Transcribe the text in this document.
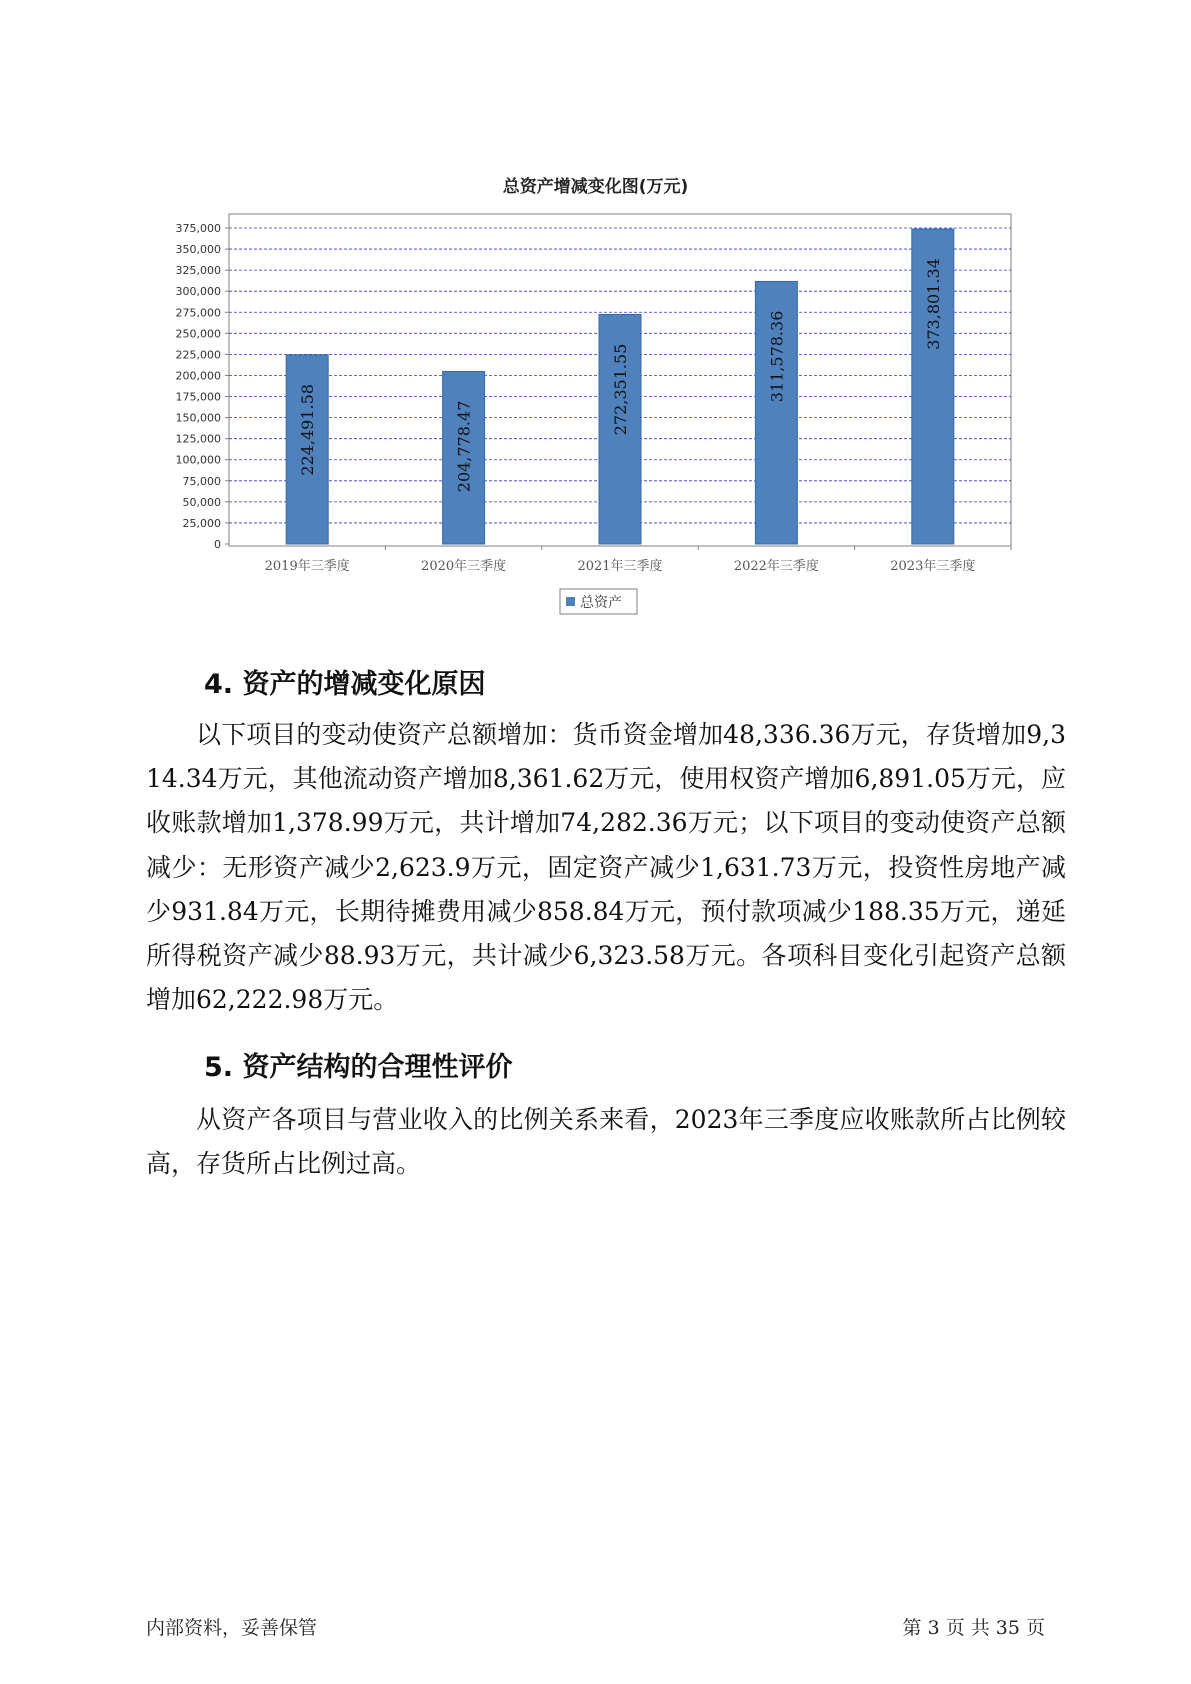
总资产增减变化图(万元)
0
25,000
50,000
75,000
100,000
125,000
150,000
175,000
200,000
225,000
250,000
275,000
300,000
325,000
350,000
375,000
224,491.58
2019年三季度
204,778.47
2020年三季度
272,351.55
2021年三季度
311,578.36
2022年三季度
373,801.34
2023年三季度
总资产
4. 资产的增减变化原因

以下项目的变动使资产总额增加：货币资金增加48,336.36万元，存货增加9,314.34万元，其他流动资产增加8,361.62万元，使用权资产增加6,891.05万元，应收账款增加1,378.99万元，共计增加74,282.36万元；以下项目的变动使资产总额减少：无形资产减少2,623.9万元，固定资产减少1,631.73万元，投资性房地产减少931.84万元，长期待摊费用减少858.84万元，预付款项减少188.35万元，递延所得税资产减少88.93万元，共计减少6,323.58万元。各项科目变化引起资产总额增加62,222.98万元。

5. 资产结构的合理性评价

从资产各项目与营业收入的比例关系来看，2023年三季度应收账款所占比例较高，存货所占比例过高。

内部资料，妥善保管	第 3 页 共 35 页
